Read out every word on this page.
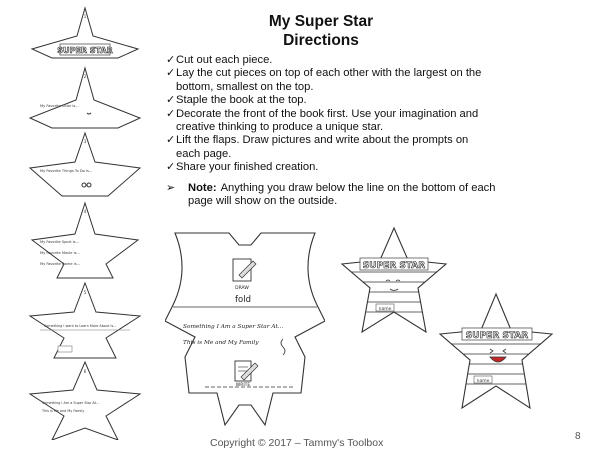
My Super Star
Directions
✓ Cut out each piece.
✓ Lay the cut pieces on top of each other with the largest on the
bottom, smallest on the top.
✓ Staple the book at the top.
✓ Decorate the front of the book first. Use your imagination and
creative thinking to produce a unique star.
✓ Lift the flaps. Draw pictures and write about the prompts on
each page.
✓ Share your finished creation.
➢	Note: Anything you draw below the line on the bottom of each
page will show on the outside.
SUPER STAR
1
My Favorite Color is...
2
My Favorite Things To Do is...
3
My Favorite Sport is...
My Favorite Movie is...
My Favorite Game is...
4
Something I want to Learn More About is...
5
Something I Am a Super Star At...
This is Me and My Family
6
DRAW
fold
Something I Am a Super Star At...
This is Me and My Family
WRITE
SUPER STAR
name
SUPER STAR
name
Copyright © 2017 – Tammy's Toolbox
8
